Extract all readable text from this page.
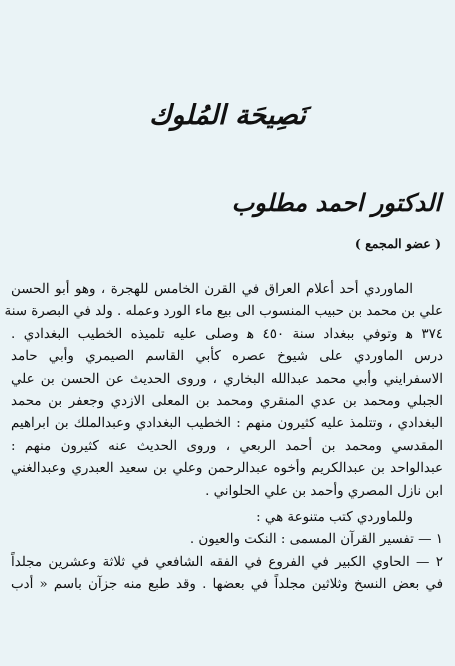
نَصِيحَة المُلوك
الدكتور احمد مطلوب
( عضو المجمع )
الماوردي أحد أعلام العراق في القرن الخامس للهجرة ، وهو أبو الحسن
علي بن محمد بن حبيب المنسوب الى بيع ماء الورد وعمله . ولد في البصرة سنة
٣٧٤ ﻫ وتوفي ببغداد سنة ٤٥٠ ﻫ وصلى عليه تلميذه الخطيب البغدادي .
درس الماوردي على شيوخ عصره كأبي القاسم الصيمري وأبي حامد
الاسفرايني وأبي محمد عبدالله البخاري ، وروى الحديث عن الحسن بن علي
الجبلي ومحمد بن عدي المنقري ومحمد بن المعلى الازدي وجعفر بن محمد
البغدادي ، وتتلمذ عليه كثيرون منهم : الخطيب البغدادي وعبدالملك بن ابراهيم
المقدسي ومحمد بن أحمد الربعي ، وروى الحديث عنه كثيرون منهم :
عبدالواحد بن عبدالكريم وأخوه عبدالرحمن وعلي بن سعيد العبدري وعبدالغني
ابن نازل المصري وأحمد بن علي الحلواني .
وللماوردي كتب متنوعة هي :
١ — تفسير القرآن المسمى : النكت والعيون .
٢ — الحاوي الكبير في الفروع في الفقه الشافعي في ثلاثة وعشرين مجلداً
في بعض النسخ وثلاثين مجلداً في بعضها . وقد طبع منه جزآن باسم « أدب
